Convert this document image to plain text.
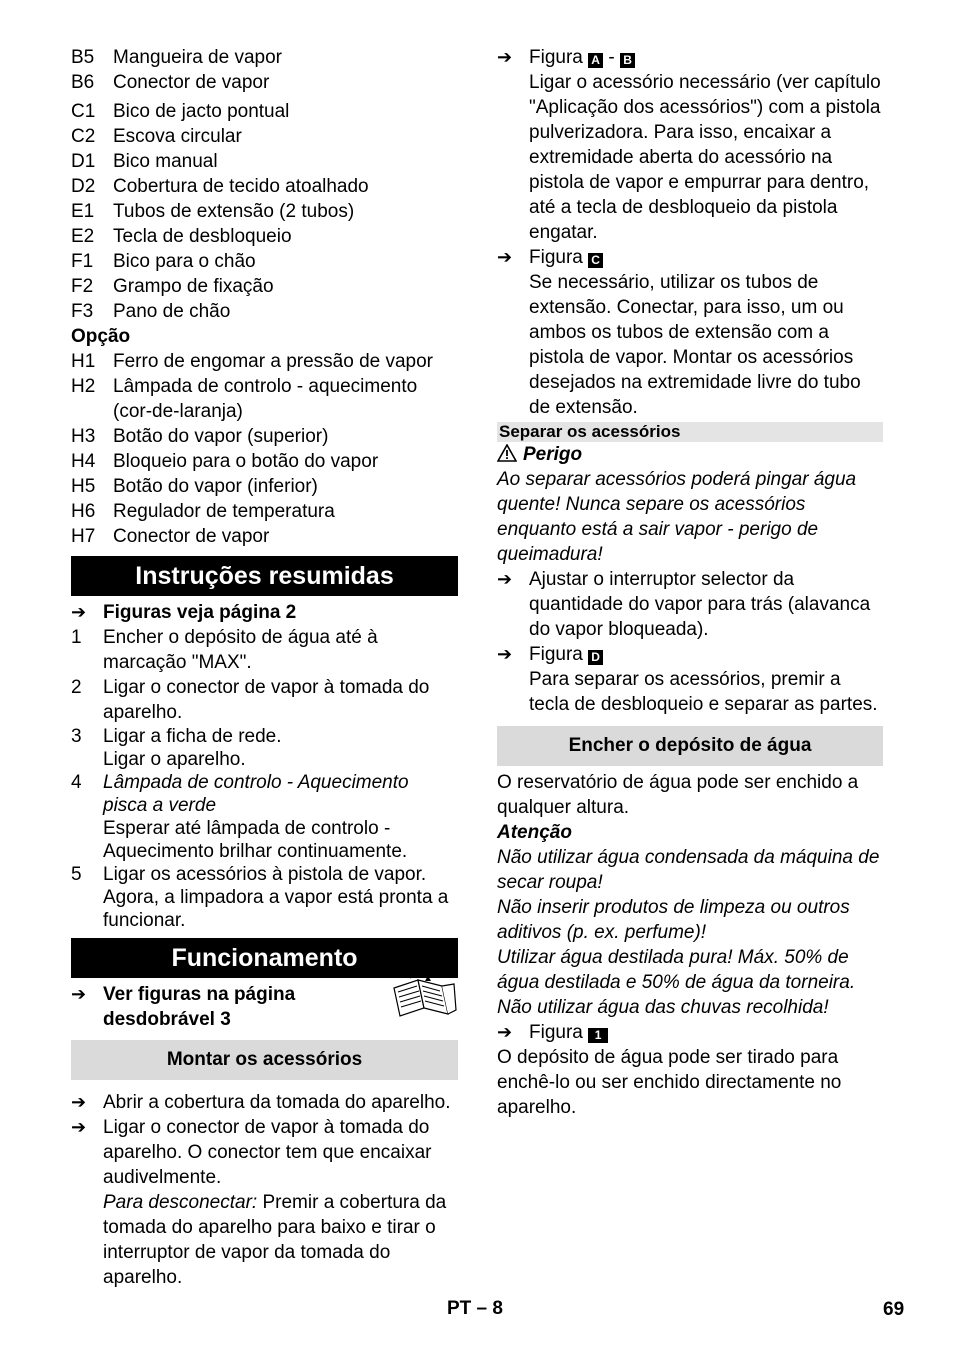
B5 Mangueira de vapor
B6 Conector de vapor
C1 Bico de jacto pontual
C2 Escova circular
D1 Bico manual
D2 Cobertura de tecido atoalhado
E1 Tubos de extensão (2 tubos)
E2 Tecla de desbloqueio
F1	Bico para o chão
F2	Grampo de fixação
F3	Pano de chão
Opção
H1 Ferro de engomar a pressão de vapor
H2 Lâmpada de controlo - aquecimento (cor-de-laranja)
H3 Botão do vapor (superior)
H4 Bloqueio para o botão do vapor
H5 Botão do vapor (inferior)
H6 Regulador de temperatura
H7 Conector de vapor
Instruções resumidas
➔ Figuras veja página 2
1	Encher o depósito de água até à marcação "MAX".
2	Ligar o conector de vapor à tomada do aparelho.
3	Ligar a ficha de rede.
Ligar o aparelho.
4	Lâmpada de controlo - Aquecimento pisca a verde
Esperar até lâmpada de controlo - Aquecimento brilhar continuamente.
5	Ligar os acessórios à pistola de vapor. Agora, a limpadora a vapor está pronta a funcionar.
Funcionamento
➔ Ver figuras na página desdobrável 3
Montar os acessórios
➔ Abrir a cobertura da tomada do aparelho.
➔ Ligar o conector de vapor à tomada do aparelho. O conector tem que encaixar audivelmente.
Para desconectar: Premir a cobertura da tomada do aparelho para baixo e tirar o interruptor de vapor da tomada do aparelho.
➔ Figura A - B
Ligar o acessório necessário (ver capítulo "Aplicação dos acessórios") com a pistola pulverizadora. Para isso, encaixar a extremidade aberta do acessório na pistola de vapor e empurrar para dentro, até a tecla de desbloqueio da pistola engatar.
➔ Figura C
Se necessário, utilizar os tubos de extensão. Conectar, para isso, um ou ambos os tubos de extensão com a pistola de vapor. Montar os acessórios desejados na extremidade livre do tubo de extensão.
Separar os acessórios
Perigo
Ao separar acessórios poderá pingar água quente! Nunca separe os acessórios enquanto está a sair vapor - perigo de queimadura!
➔ Ajustar o interruptor selector da quantidade do vapor para trás (alavanca do vapor bloqueada).
➔ Figura D
Para separar os acessórios, premir a tecla de desbloqueio e separar as partes.
Encher o depósito de água
O reservatório de água pode ser enchido a qualquer altura.
Atenção
Não utilizar água condensada da máquina de secar roupa!
Não inserir produtos de limpeza ou outros aditivos (p. ex. perfume)!
Utilizar água destilada pura! Máx. 50% de água destilada e 50% de água da torneira.
Não utilizar água das chuvas recolhida!
➔ Figura 1
O depósito de água pode ser tirado para enchê-lo ou ser enchido directamente no aparelho.
PT – 8	69
